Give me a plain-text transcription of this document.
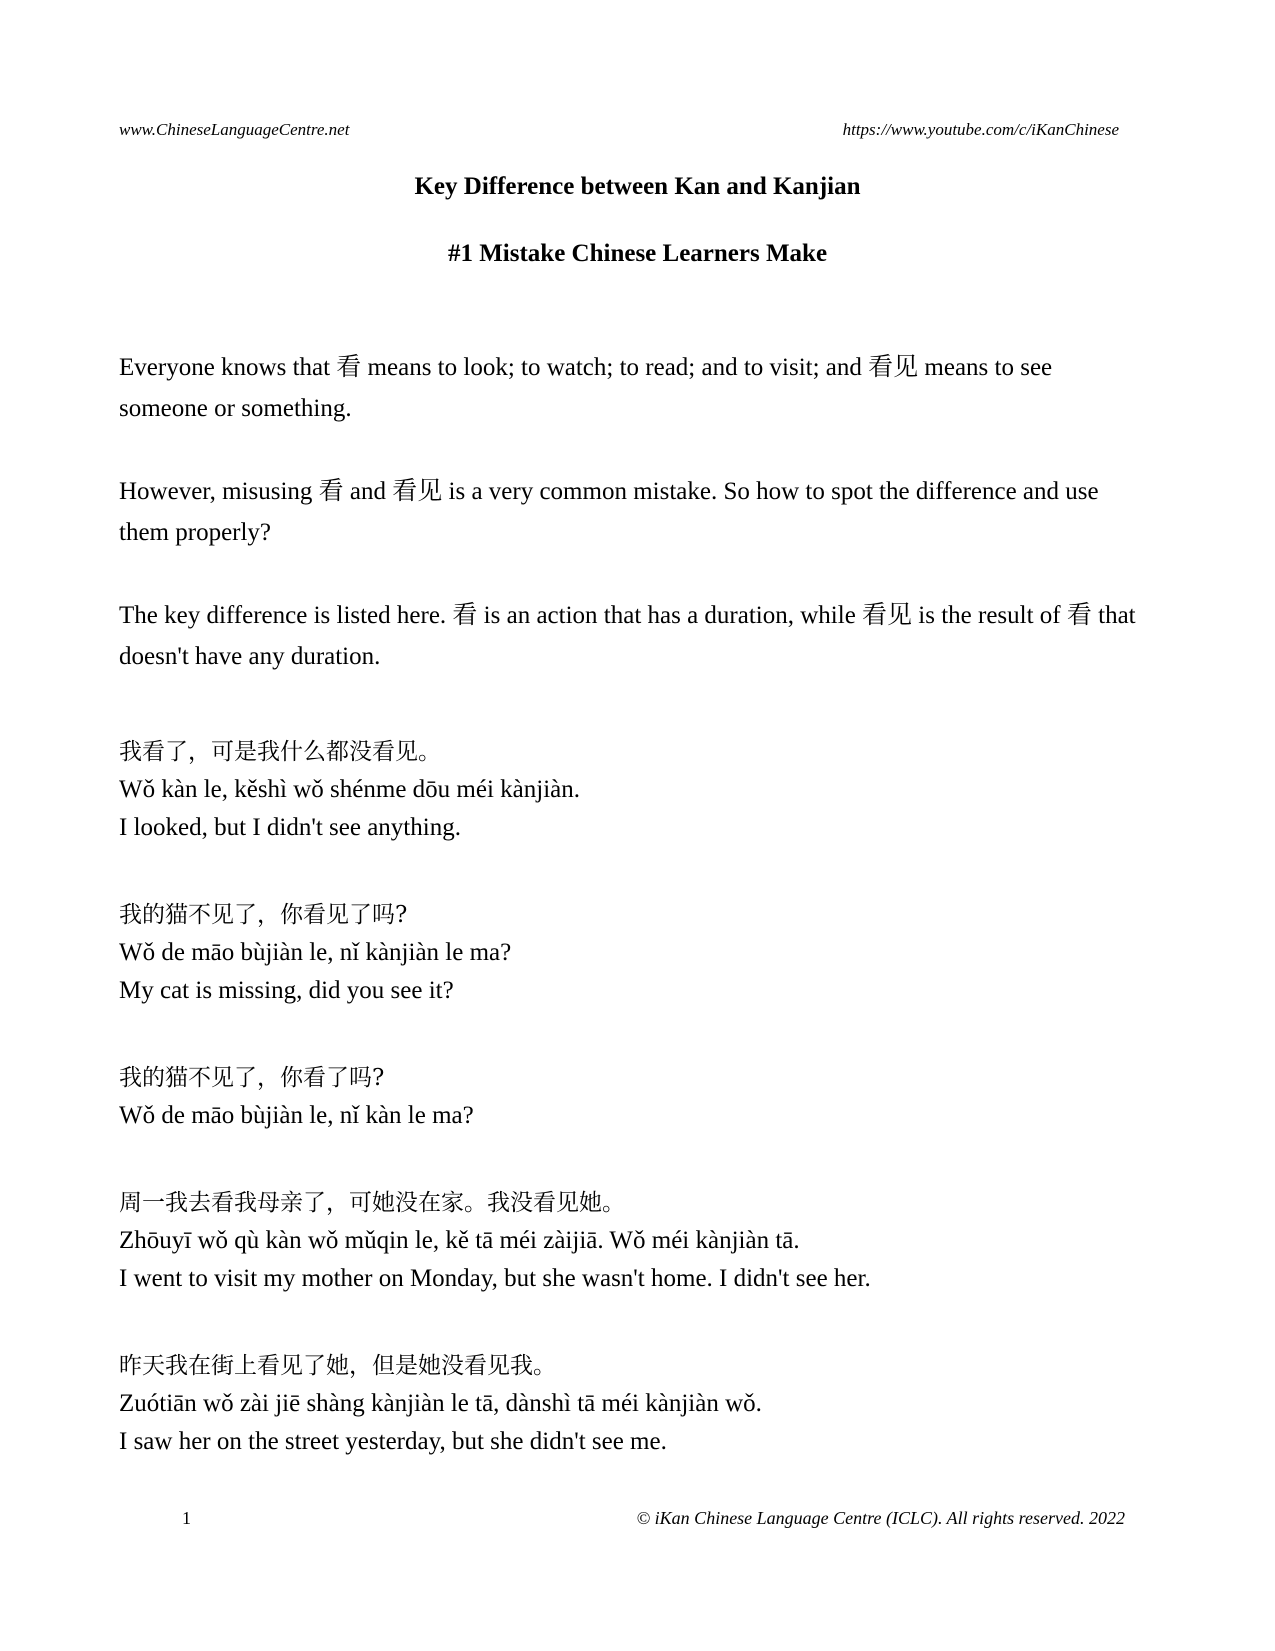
www.ChineseLanguageCentre.net	https://www.youtube.com/c/iKanChinese
Key Difference between Kan and Kanjian
#1 Mistake Chinese Learners Make

Everyone knows that 看 means to look; to watch; to read; and to visit; and 看见 means to see someone or something.

However, misusing 看 and 看见 is a very common mistake. So how to spot the difference and use them properly?

The key difference is listed here. 看 is an action that has a duration, while 看见 is the result of 看 that doesn't have any duration.

我看了，可是我什么都没看见。
Wǒ kàn le, kěshì wǒ shénme dōu méi kànjiàn.
I looked, but I didn't see anything.
我的猫不见了，你看见了吗?
Wǒ de māo bùjiàn le, nǐ kànjiàn le ma?
My cat is missing, did you see it?
我的猫不见了，你看了吗?
Wǒ de māo bùjiàn le, nǐ kàn le ma?
周一我去看我母亲了，可她没在家。我没看见她。
Zhōuyī wǒ qù kàn wǒ mǔqin le, kě tā méi zàijiā. Wǒ méi kànjiàn tā.
I went to visit my mother on Monday, but she wasn't home. I didn't see her.
昨天我在街上看见了她，但是她没看见我。
Zuótiān wǒ zài jiē shàng kànjiàn le tā, dànshì tā méi kànjiàn wǒ.
I saw her on the street yesterday, but she didn't see me.
1	© iKan Chinese Language Centre (ICLC). All rights reserved. 2022
